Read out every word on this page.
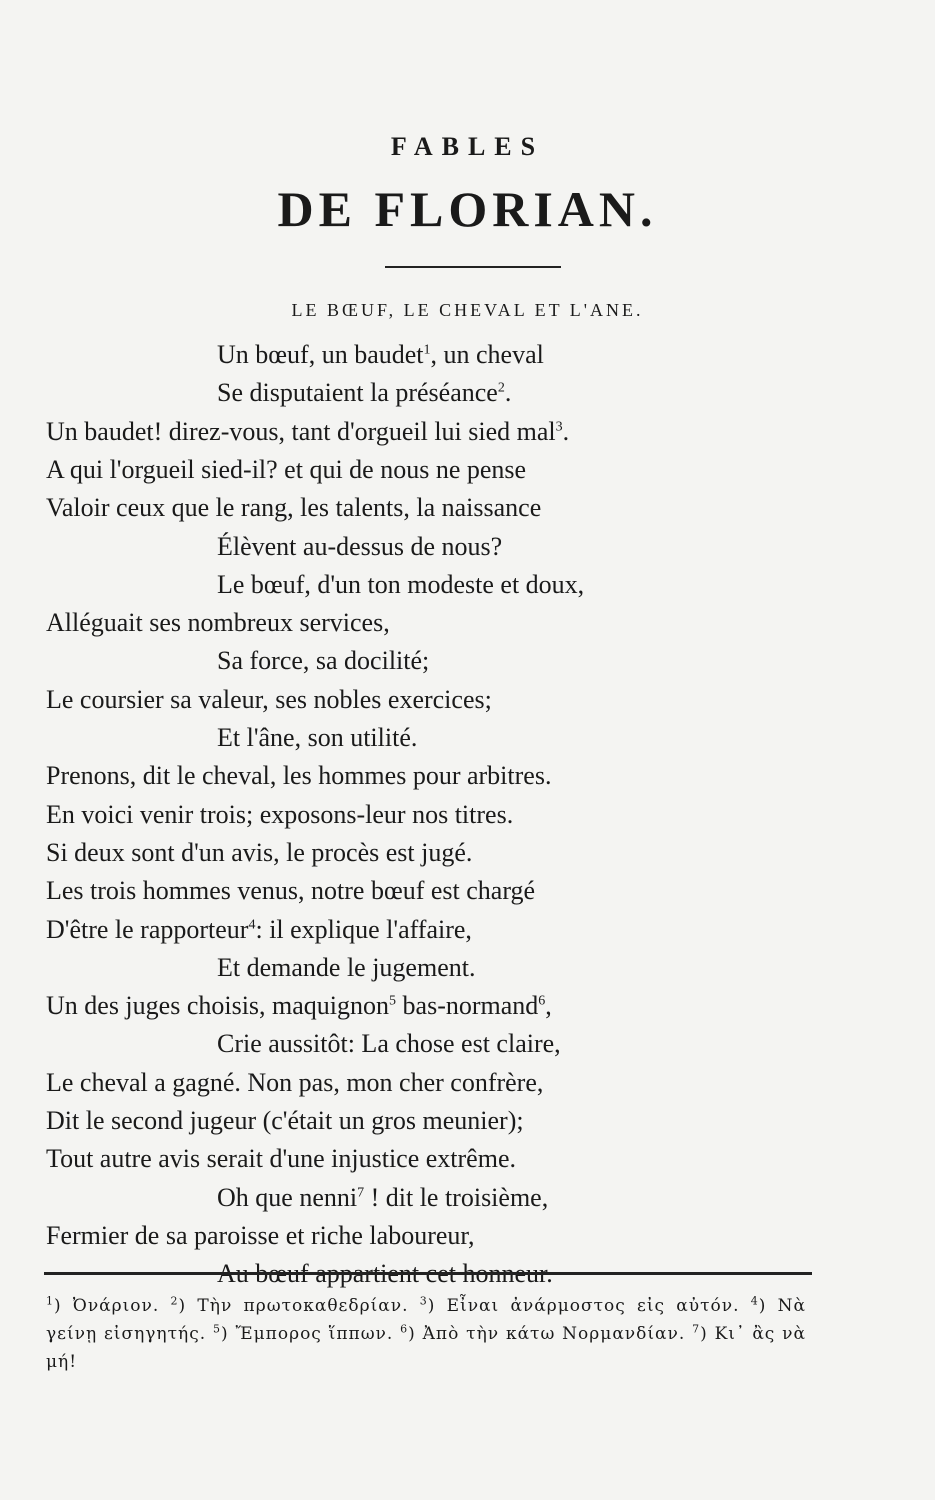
FABLES
DE FLORIAN.
LE BŒUF, LE CHEVAL ET L'ANE.
Un bœuf, un baudet$^1$, un cheval
Se disputaient la préséance$^2$.
Un baudet! direz-vous, tant d'orgueil lui sied mal$^3$.
A qui l'orgueil sied-il? et qui de nous ne pense
Valoir ceux que le rang, les talents, la naissance
Élèvent au-dessus de nous?
Le bœuf, d'un ton modeste et doux,
Alléguait ses nombreux services,
Sa force, sa docilité;
Le coursier sa valeur, ses nobles exercices;
Et l'âne, son utilité.
Prenons, dit le cheval, les hommes pour arbitres.
En voici venir trois; exposons-leur nos titres.
Si deux sont d'un avis, le procès est jugé.
Les trois hommes venus, notre bœuf est chargé
D'être le rapporteur$^4$: il explique l'affaire,
Et demande le jugement.
Un des juges choisis, maquignon$^5$ bas-normand$^6$,
Crie aussitôt: La chose est claire,
Le cheval a gagné. Non pas, mon cher confrère,
Dit le second jugeur (c'était un gros meunier);
Tout autre avis serait d'une injustice extrême.
Oh que nenni$^7$ ! dit le troisième,
Fermier de sa paroisse et riche laboureur,
Au bœuf appartient cet honneur.
$^1$) Ὀνάριον. $^2$) Τὴν πρωτοκαθεδρίαν. $^3$) Εἶναι ἀνάρμοστος εἰς αὐτόν. $^4$) Νὰ γείνῃ εἰσηγητής. $^5$) Ἔμπορος ἵππων. $^6$) Ἀπὸ τὴν κάτω Νορμανδίαν. $^7$) Κι᾽ ἂς νὰ μή!
